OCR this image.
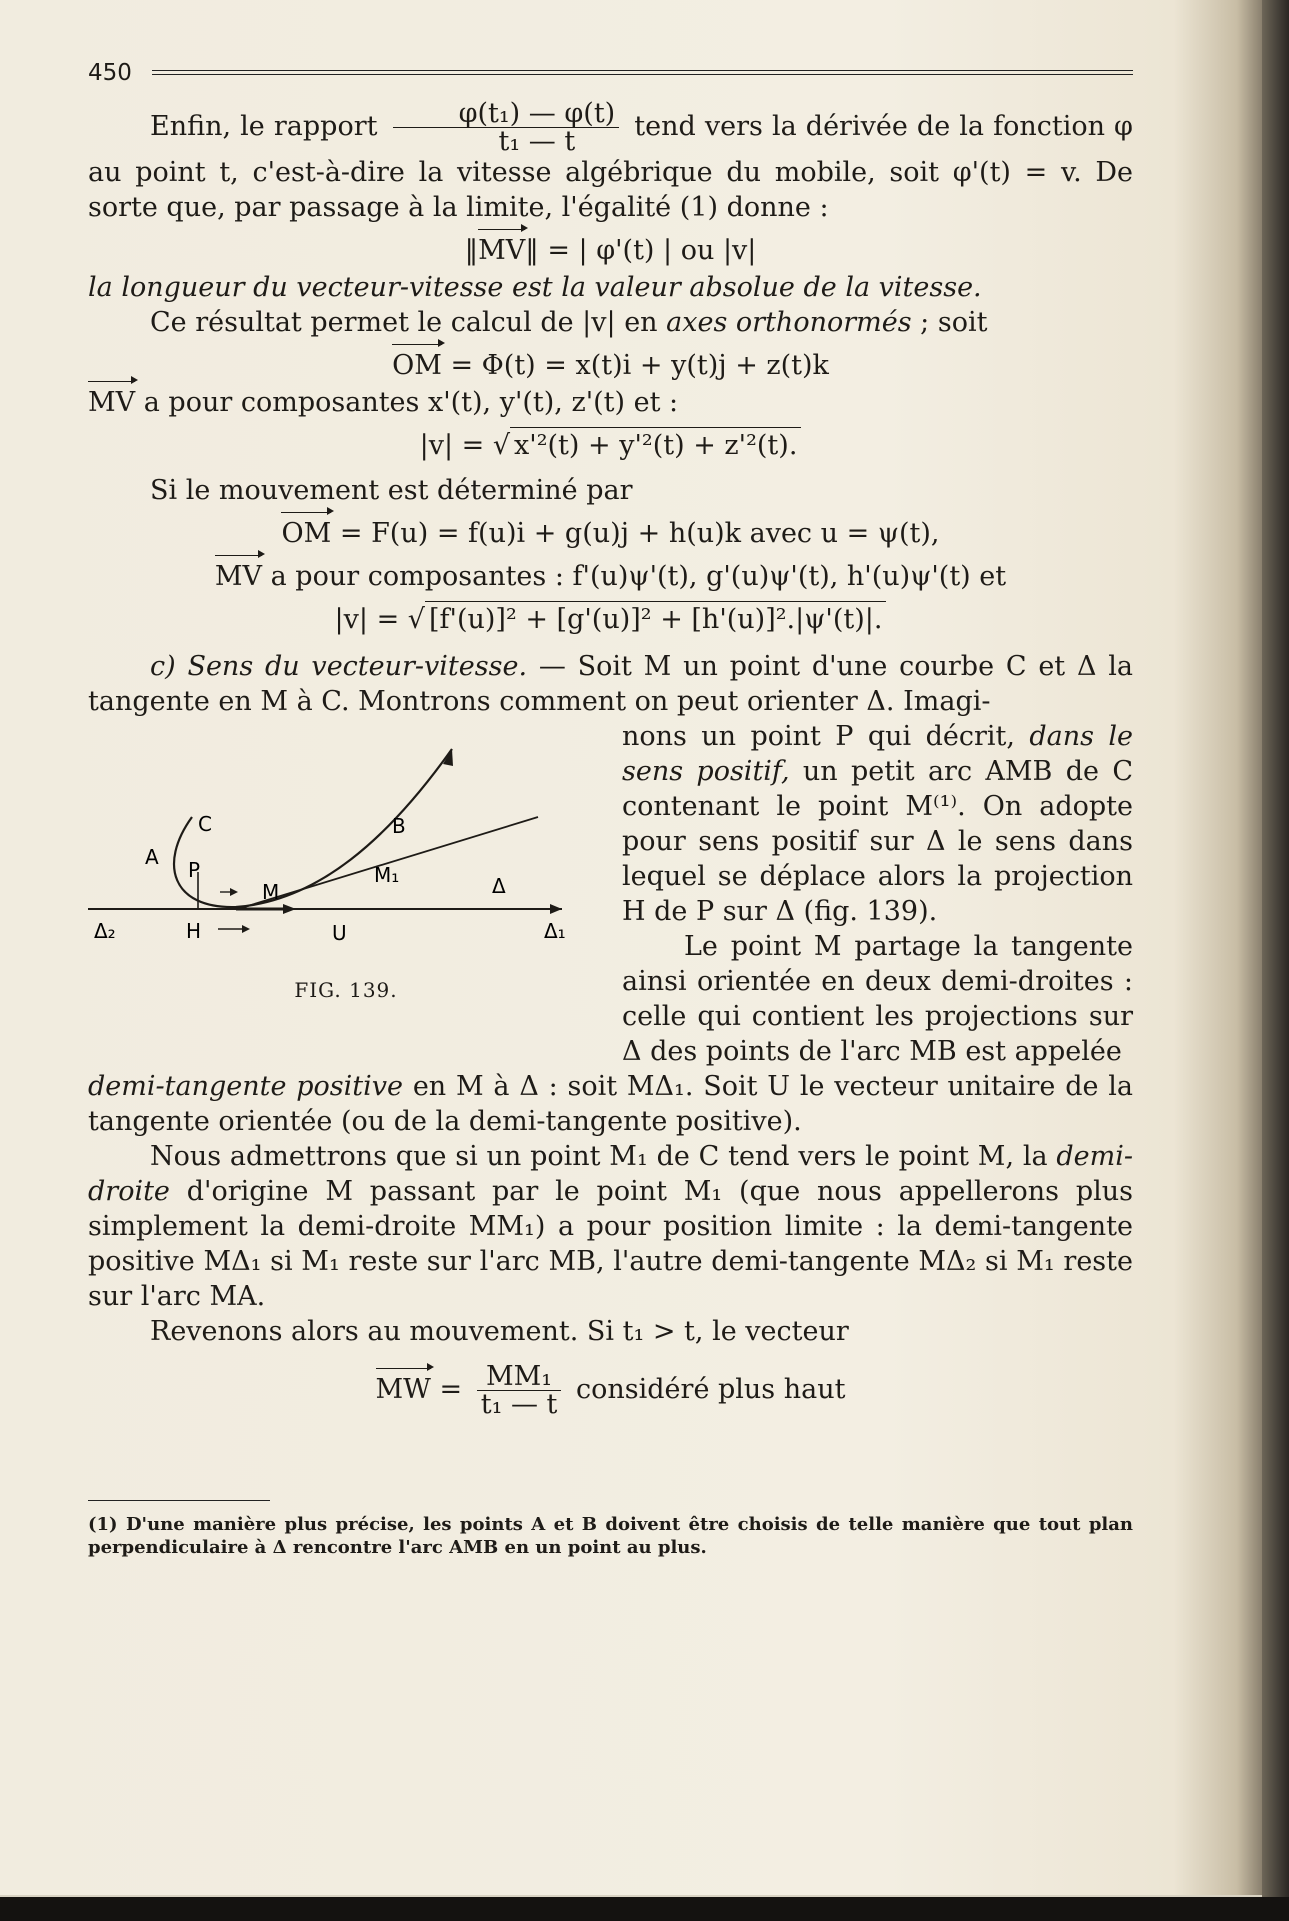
450

Enfin, le rapport $\frac{\text{φ(t₁) — φ(t)}}{\text{t₁ — t}}$ tend vers la dérivée de la fonction φ au point t, c'est-à-dire la vitesse algébrique du mobile, soit φ'(t) = v. De sorte que, par passage à la limite, l'égalité (1) donne :

‖MV‖ = | φ'(t) | ou |v|

la longueur du vecteur-vitesse est la valeur absolue de la vitesse.

Ce résultat permet le calcul de |v| en axes orthonormés ; soit

OM = Φ(t) = x(t)i + y(t)j + z(t)k

MV a pour composantes x'(t), y'(t), z'(t) et :

|v| = √ x'²(t) + y'²(t) + z'²(t).

Si le mouvement est déterminé par

OM = F(u) = f(u)i + g(u)j + h(u)k avec u = ψ(t),
MV a pour composantes : f'(u)ψ'(t), g'(u)ψ'(t), h'(u)ψ'(t) et
|v| = √ [f'(u)]² + [g'(u)]² + [h'(u)]².|ψ'(t)|.

c) Sens du vecteur-vitesse. — Soit M un point d'une courbe C et Δ la tangente en M à C. Montrons comment on peut orienter Δ. Imagi-

C	B
A
P
M
M₁	Δ
Δ₂	H	U	Δ₁
FIG. 139.

nons un point P qui décrit, dans le sens positif, un petit arc AMB de C contenant le point M⁽¹⁾. On adopte pour sens positif sur Δ le sens dans lequel se déplace alors la projection H de P sur Δ (fig. 139).

Le point M partage la tangente ainsi orientée en deux demi-droites : celle qui contient les projections sur Δ des points de l'arc MB est appelée

demi-tangente positive en M à Δ : soit MΔ₁. Soit U le vecteur unitaire de la tangente orientée (ou de la demi-tangente positive).

Nous admettrons que si un point M₁ de C tend vers le point M, la demi-droite d'origine M passant par le point M₁ (que nous appellerons plus simplement la demi-droite MM₁) a pour position limite : la demi-tangente positive MΔ₁ si M₁ reste sur l'arc MB, l'autre demi-tangente MΔ₂ si M₁ reste sur l'arc MA.

Revenons alors au mouvement. Si t₁ > t, le vecteur

MW = $\frac{\text{MM₁}}{\text{t₁ — t}}$ considéré plus haut

(1) D'une manière plus précise, les points A et B doivent être choisis de telle manière que tout plan perpendiculaire à Δ rencontre l'arc AMB en un point au plus.
